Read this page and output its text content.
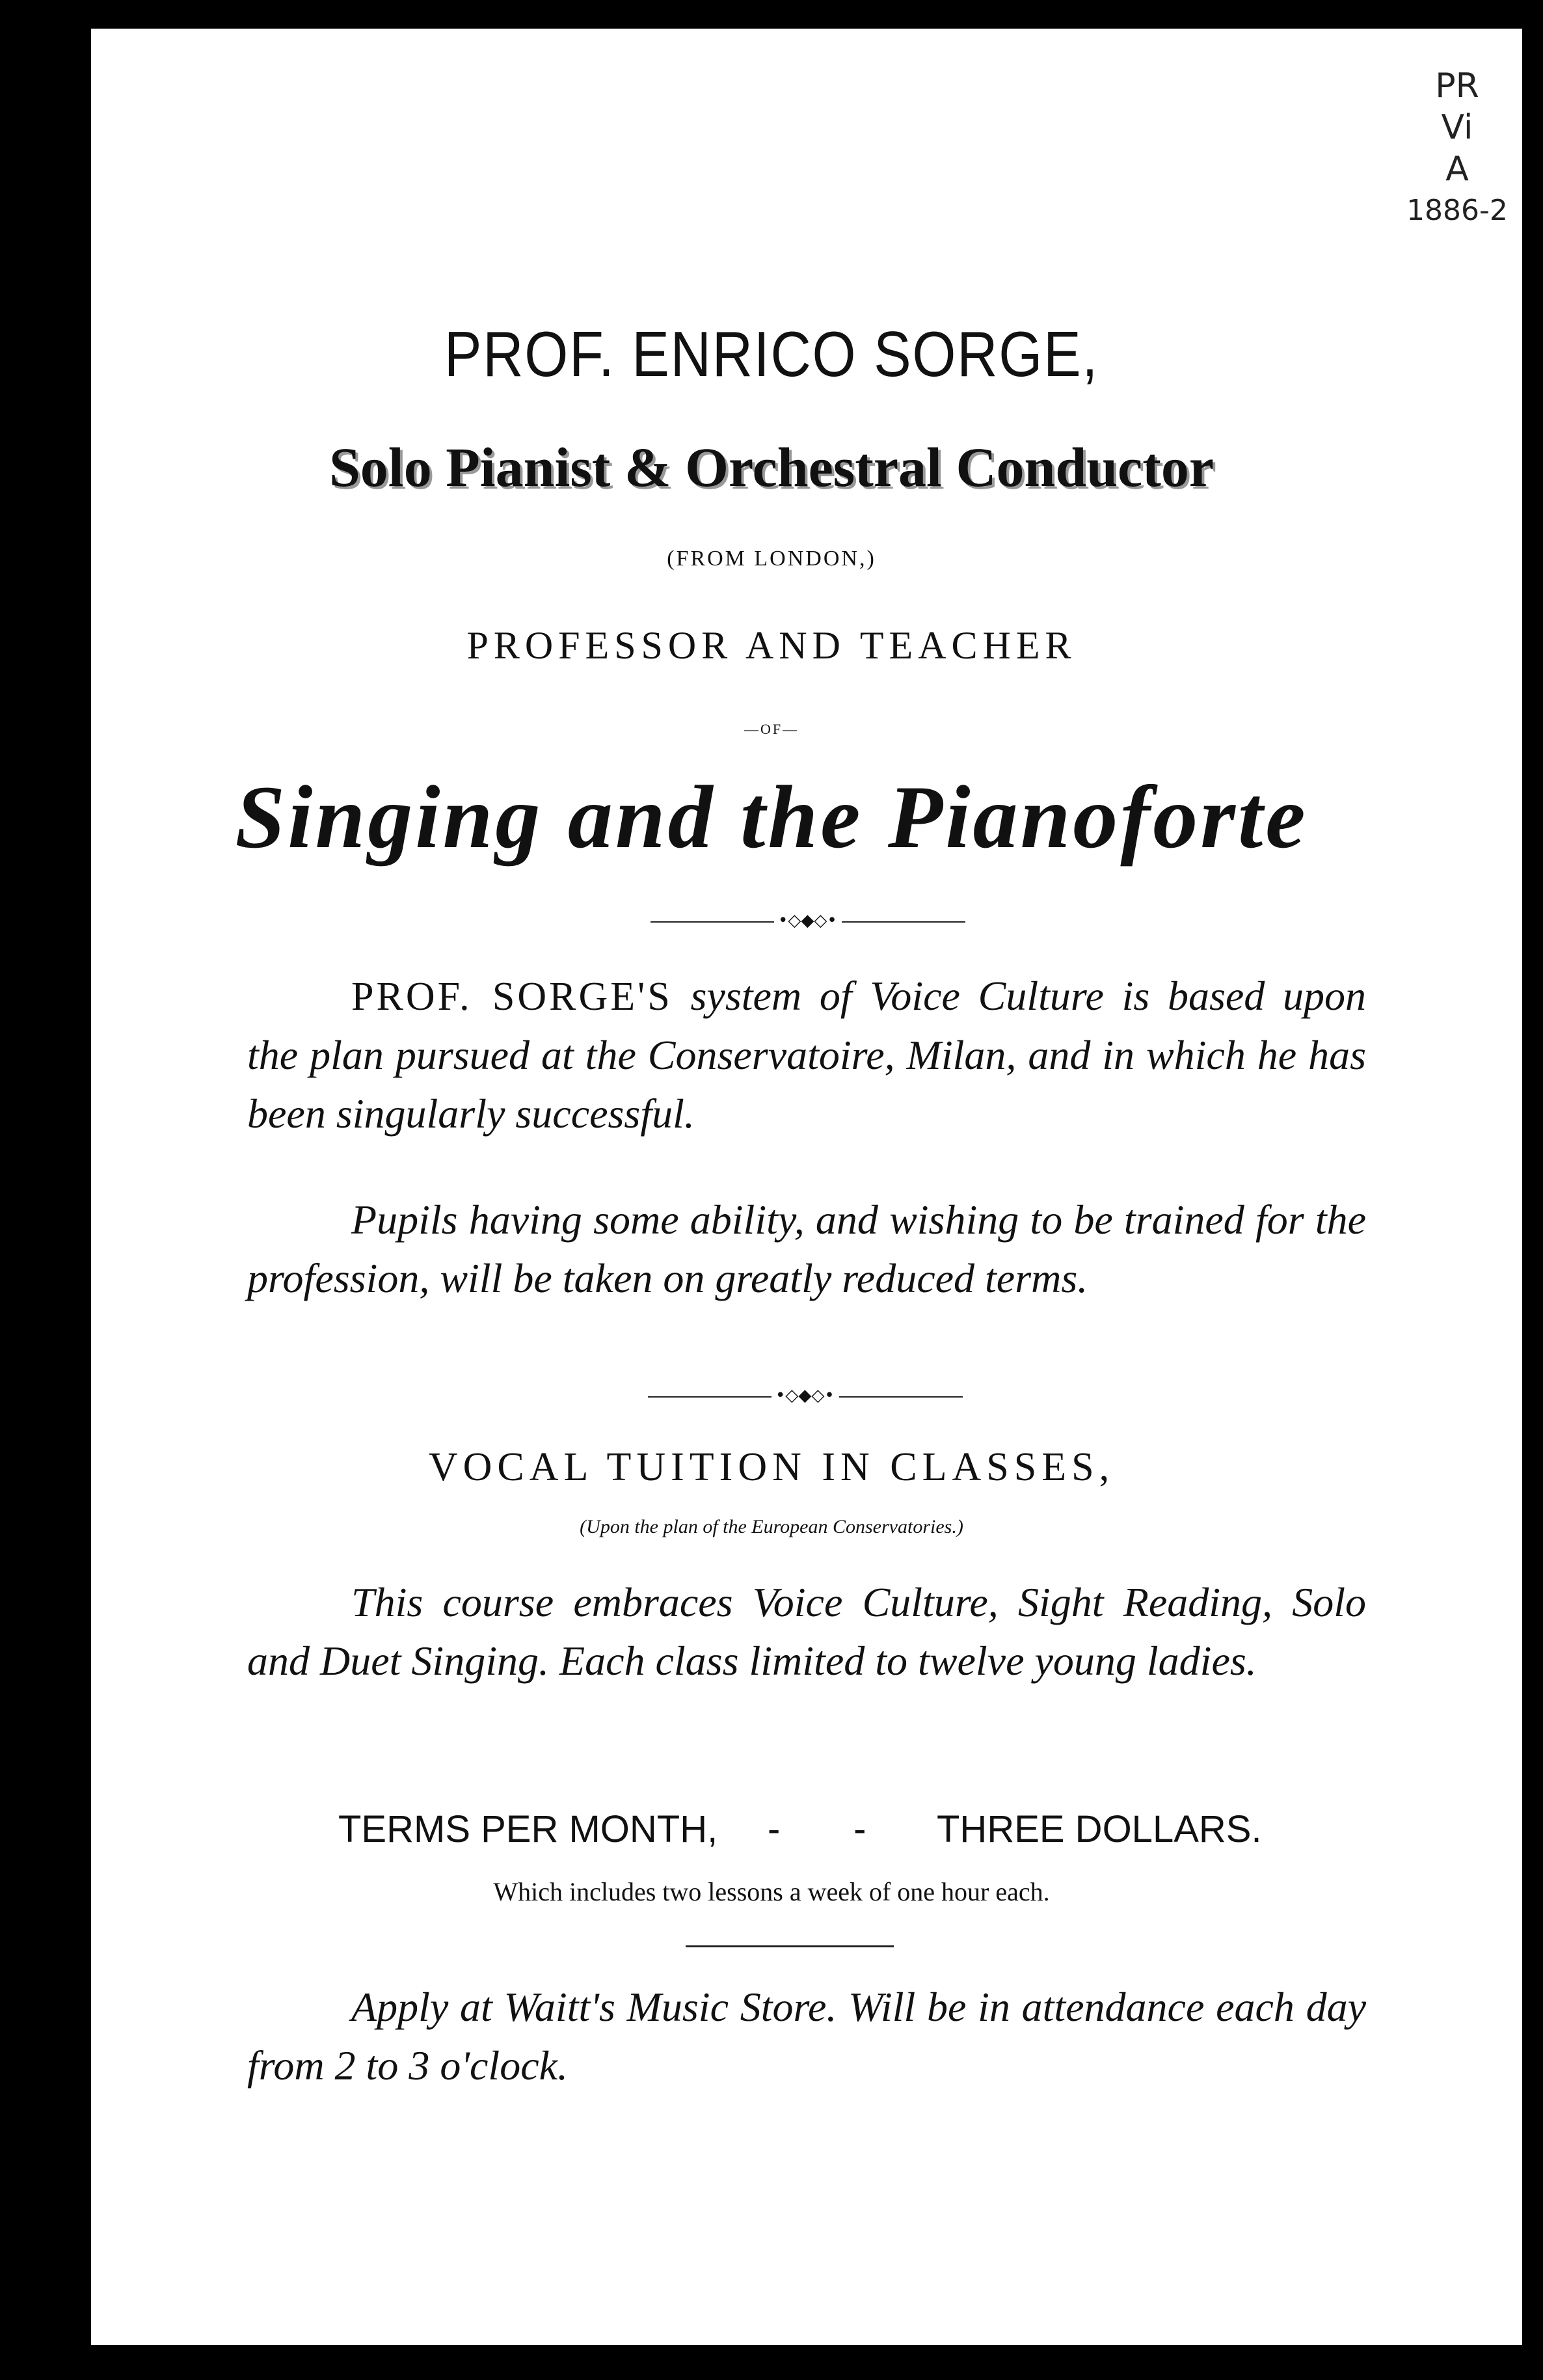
PR
Vi
A
1886-2
PROF. ENRICO SORGE,
Solo Pianist & Orchestral Conductor
(FROM LONDON,)
PROFESSOR AND TEACHER
—OF—
Singing and the Pianoforte
•◇◆◇•
PROF. SORGE'S system of Voice Culture is based upon the plan pursued at the Conservatoire, Milan, and in which he has been singularly successful.
Pupils having some ability, and wishing to be trained for the profession, will be taken on greatly reduced terms.
•◇◆◇•
VOCAL TUITION IN CLASSES,
(Upon the plan of the European Conservatories.)
This course embraces Voice Culture, Sight Reading, Solo and Duet Singing. Each class limited to twelve young ladies.
TERMS PER MONTH, -       - THREE DOLLARS.
Which includes two lessons a week of one hour each.
Apply at Waitt's Music Store. Will be in attendance each day from 2 to 3 o'clock.
